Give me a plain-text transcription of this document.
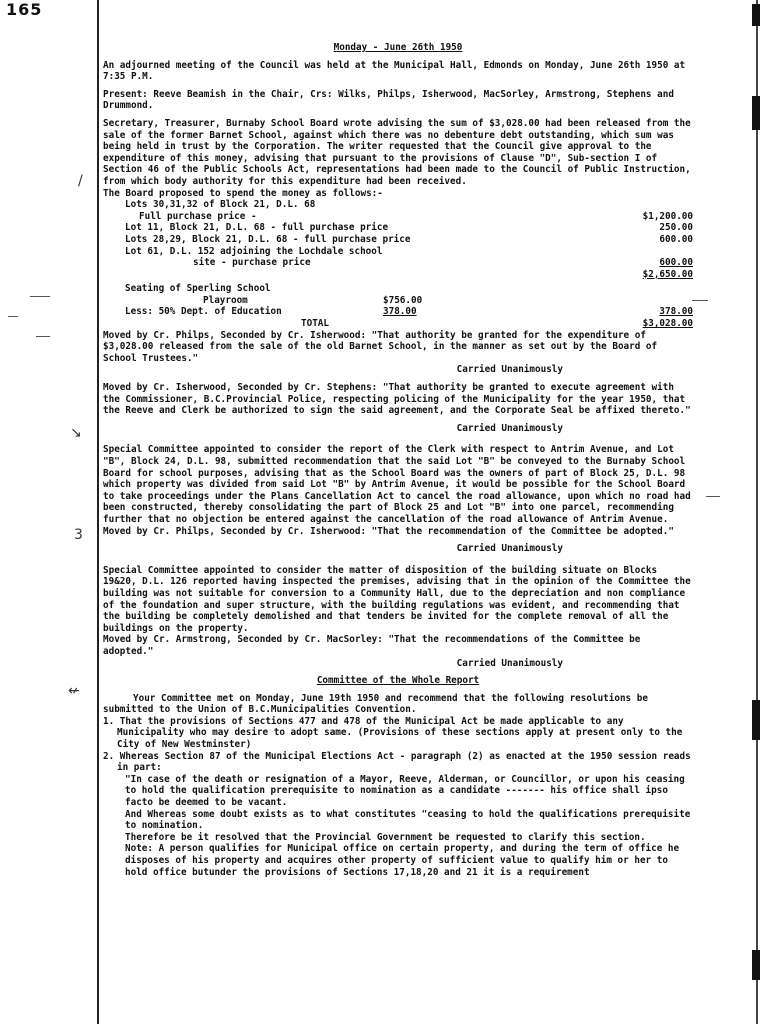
165
/
↘
3
↚
Monday - June 26th 1950
An adjourned meeting of the Council was held at the Municipal Hall, Edmonds on Monday, June 26th 1950 at 7:35 P.M.
Present: Reeve Beamish in the Chair, Crs: Wilks, Philps, Isherwood, MacSorley, Armstrong, Stephens and Drummond.
Secretary, Treasurer, Burnaby School Board wrote advising the sum of $3,028.00 had been released from the sale of the former Barnet School, against which there was no debenture debt outstanding, which sum was being held in trust by the Corporation. The writer requested that the Council give approval to the expenditure of this money, advising that pursuant to the provisions of Clause "D", Sub-section I of Section 46 of the Public Schools Act, representations had been made to the Council of Public Instruction, from which body authority for this expenditure had been received.
The Board proposed to spend the money as follows:-
Lots 30,31,32 of Block 21, D.L. 68
Full purchase price -	$1,200.00
Lot 11, Block 21, D.L. 68 - full purchase price	250.00
Lots 28,29, Block 21, D.L. 68 - full purchase price	600.00
Lot 61, D.L. 152 adjoining the Lochdale school
site - purchase price	600.00
$2,650.00
Seating of Sperling School
Playroom	$756.00
Less: 50% Dept. of Education	378.00	378.00
TOTAL	$3,028.00
Moved by Cr. Philps, Seconded by Cr. Isherwood: "That authority be granted for the expenditure of $3,028.00 released from the sale of the old Barnet School, in the manner as set out by the Board of School Trustees."
Carried Unanimously
Moved by Cr. Isherwood, Seconded by Cr. Stephens: "That authority be granted to execute agreement with the Commissioner, B.C.Provincial Police, respecting policing of the Municipality for the year 1950, that the Reeve and Clerk be authorized to sign the said agreement, and the Corporate Seal be affixed thereto."
Carried Unanimously
Special Committee appointed to consider the report of the Clerk with respect to Antrim Avenue, and Lot "B", Block 24, D.L. 98, submitted recommendation that the said Lot "B" be conveyed to the Burnaby School Board for school purposes, advising that as the School Board was the owners of part of Block 25, D.L. 98 which property was divided from said Lot "B" by Antrim Avenue, it would be possible for the School Board to take proceedings under the Plans Cancellation Act to cancel the road allowance, upon which no road had been constructed, thereby consolidating the part of Block 25 and Lot "B" into one parcel, recommending further that no objection be entered against the cancellation of the road allowance of Antrim Avenue.
Moved by Cr. Philps, Seconded by Cr. Isherwood: "That the recommendation of the Committee be adopted."
Carried Unanimously
Special Committee appointed to consider the matter of disposition of the building situate on Blocks 19&20, D.L. 126 reported having inspected the premises, advising that in the opinion of the Committee the building was not suitable for conversion to a Community Hall, due to the depreciation and non compliance of the foundation and super structure, with the building regulations was evident, and recommending that the building be completely demolished and that tenders be invited for the complete removal of all the buildings on the property.
Moved by Cr. Armstrong, Seconded by Cr. MacSorley: "That the recommendations of the Committee be adopted."
Carried Unanimously
Committee of the Whole Report
Your Committee met on Monday, June 19th 1950 and recommend that the following resolutions be submitted to the Union of B.C.Municipalities Convention.
1. That the provisions of Sections 477 and 478 of the Municipal Act be made applicable to any Municipality who may desire to adopt same. (Provisions of these sections apply at present only to the City of New Westminster)
2. Whereas Section 87 of the Municipal Elections Act - paragraph (2) as enacted at the 1950 session reads in part:
"In case of the death or resignation of a Mayor, Reeve, Alderman, or Councillor, or upon his ceasing to hold the qualification prerequisite to nomination as a candidate ------- his office shall ipso facto be deemed to be vacant.
And Whereas some doubt exists as to what constitutes "ceasing to hold the qualifications prerequisite to nomination.
Therefore be it resolved that the Provincial Government be requested to clarify this section.
Note: A person qualifies for Municipal office on certain property, and during the term of office he disposes of his property and acquires other property of sufficient value to qualify him or her to hold office butunder the provisions of Sections 17,18,20 and 21 it is a requirement
